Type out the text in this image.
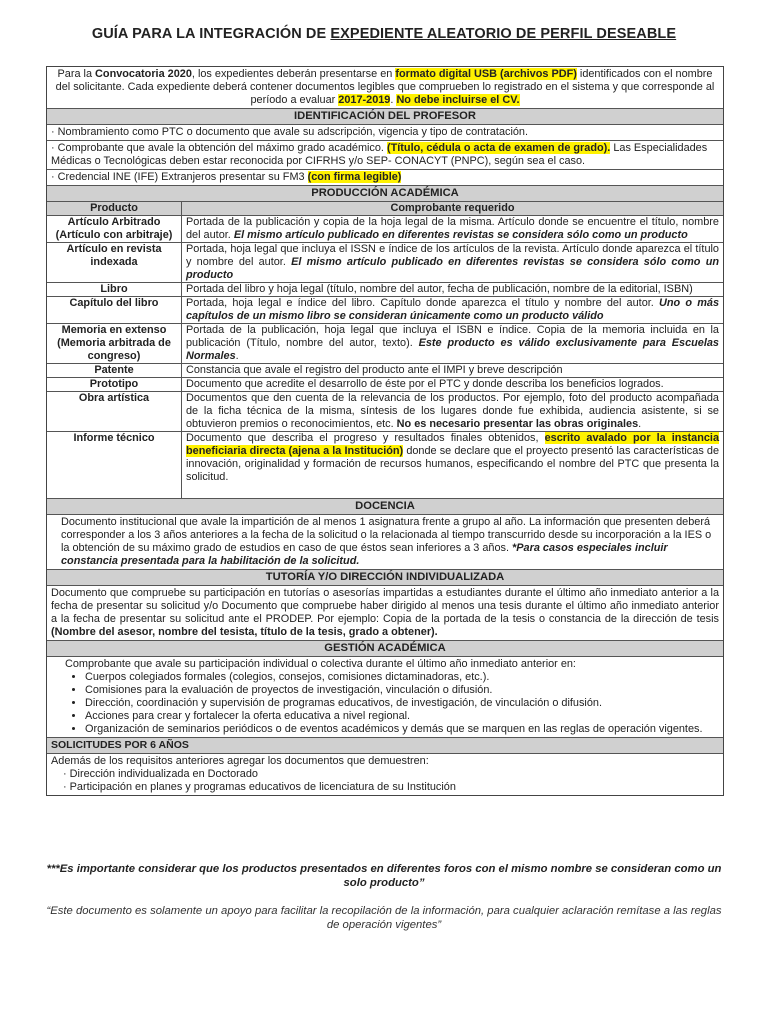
GUÍA PARA LA INTEGRACIÓN DE EXPEDIENTE ALEATORIO DE PERFIL DESEABLE
Para la Convocatoria 2020, los expedientes deberán presentarse en formato digital USB (archivos PDF) identificados con el nombre del solicitante. Cada expediente deberá contener documentos legibles que comprueben lo registrado en el sistema y que corresponde al período a evaluar 2017-2019. No debe incluirse el CV.
IDENTIFICACIÓN DEL PROFESOR
· Nombramiento como PTC o documento que avale su adscripción, vigencia y tipo de contratación.
· Comprobante que avale la obtención del máximo grado académico. (Título, cédula o acta de examen de grado). Las Especialidades Médicas o Tecnológicas deben estar reconocida por CIFRHS y/o SEP- CONACYT (PNPC), según sea el caso.
· Credencial INE (IFE) Extranjeros presentar su FM3 (con firma legible)
PRODUCCIÓN ACADÉMICA
Producto	Comprobante requerido
Artículo Arbitrado (Artículo con arbitraje)	Portada de la publicación y copia de la hoja legal de la misma. Artículo donde se encuentre el título, nombre del autor. El mismo artículo publicado en diferentes revistas se considera sólo como un producto
Artículo en revista indexada	Portada, hoja legal que incluya el ISSN e índice de los artículos de la revista. Artículo donde aparezca el título y nombre del autor. El mismo artículo publicado en diferentes revistas se considera sólo como un producto
Libro	Portada del libro y hoja legal (título, nombre del autor, fecha de publicación, nombre de la editorial, ISBN)
Capítulo del libro	Portada, hoja legal e índice del libro. Capítulo donde aparezca el título y nombre del autor. Uno o más capítulos de un mismo libro se consideran únicamente como un producto válido
Memoria en extenso (Memoria arbitrada de congreso)	Portada de la publicación, hoja legal que incluya el ISBN e índice. Copia de la memoria incluida en la publicación (Título, nombre del autor, texto). Este producto es válido exclusivamente para Escuelas Normales.
Patente	Constancia que avale el registro del producto ante el IMPI y breve descripción
Prototipo	Documento que acredite el desarrollo de éste por el PTC y donde describa los beneficios logrados.
Obra artística	Documentos que den cuenta de la relevancia de los productos. Por ejemplo, foto del producto acompañada de la ficha técnica de la misma, síntesis de los lugares donde fue exhibida, audiencia asistente, si se obtuvieron premios o reconocimientos, etc. No es necesario presentar las obras originales.
Informe técnico	Documento que describa el progreso y resultados finales obtenidos, escrito avalado por la instancia beneficiaria directa (ajena a la Institución) donde se declare que el proyecto presentó las características de innovación, originalidad y formación de recursos humanos, especificando el nombre del PTC que presenta la solicitud.
DOCENCIA
Documento institucional que avale la impartición de al menos 1 asignatura frente a grupo al año. La información que presenten deberá corresponder a los 3 años anteriores a la fecha de la solicitud o la relacionada al tiempo transcurrido desde su incorporación a la IES o la obtención de su máximo grado de estudios en caso de que éstos sean inferiores a 3 años. *Para casos especiales incluir constancia presentada para la habilitación de la solicitud.
TUTORÍA Y/O DIRECCIÓN INDIVIDUALIZADA
Documento que compruebe su participación en tutorías o asesorías impartidas a estudiantes durante el último año inmediato anterior a la fecha de presentar su solicitud y/o Documento que compruebe haber dirigido al menos una tesis durante el último año inmediato anterior a la fecha de presentar su solicitud ante el PRODEP. Por ejemplo: Copia de la portada de la tesis o constancia de la dirección de tesis (Nombre del asesor, nombre del tesista, título de la tesis, grado a obtener).
GESTIÓN ACADÉMICA
Comprobante que avale su participación individual o colectiva durante el último año inmediato anterior en:
• Cuerpos colegiados formales (colegios, consejos, comisiones dictaminadoras, etc.).
• Comisiones para la evaluación de proyectos de investigación, vinculación o difusión.
• Dirección, coordinación y supervisión de programas educativos, de investigación, de vinculación o difusión.
• Acciones para crear y fortalecer la oferta educativa a nivel regional.
• Organización de seminarios periódicos o de eventos académicos y demás que se marquen en las reglas de operación vigentes.
SOLICITUDES POR 6 AÑOS
Además de los requisitos anteriores agregar los documentos que demuestren:
· Dirección individualizada en Doctorado
· Participación en planes y programas educativos de licenciatura de su Institución
***Es importante considerar que los productos presentados en diferentes foros con el mismo nombre se consideran como un solo producto”
“Este documento es solamente un apoyo para facilitar la recopilación de la información, para cualquier aclaración remítase a las reglas de operación vigentes”
